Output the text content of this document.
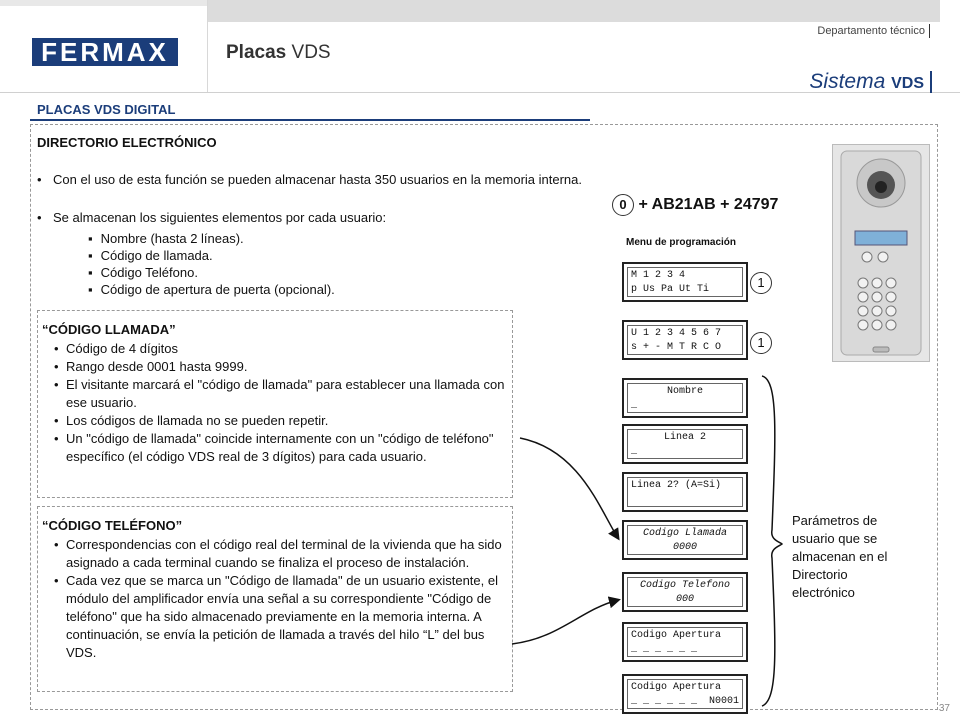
FERMAX	Placas VDS
Departamento técnico
Sistema VDS
PLACAS VDS DIGITAL
DIRECTORIO ELECTRÓNICO
• Con el uso de esta función se pueden almacenar hasta 350 usuarios en la memoria interna.
• Se almacenan los siguientes elementos por cada usuario:
▪ Nombre (hasta 2 líneas).
▪ Código de llamada.
▪ Código Teléfono.
▪ Código de apertura de puerta (opcional).
“CÓDIGO LLAMADA”
• Código de 4 dígitos
• Rango desde 0001 hasta 9999.
• El visitante marcará el "código de llamada" para establecer una llamada con ese usuario.
• Los códigos de llamada no se pueden repetir.
• Un "código de llamada" coincide internamente con un "código de teléfono" específico (el código VDS real de 3 dígitos) para cada usuario.
“CÓDIGO TELÉFONO”
• Correspondencias con el código real del terminal de la vivienda que ha sido asignado a cada terminal cuando se finaliza el proceso de instalación.
• Cada vez que se marca un "Código de llamada" de un usuario existente, el módulo del amplificador envía una señal a su correspondiente "Código de teléfono" que ha sido almacenado previamente en la memoria interna. A continuación, se envía la petición de llamada a través del hilo “L” del bus VDS.
0 + AB21AB + 24797
Menu de programación
M 1 2 3 4
p Us Pa Ut Ti	1
U 1 2 3 4 5 6 7
s + - M T R C O	1
Nombre
_
Linea 2
_
Linea 2? (A=Si)
Codigo Llamada
0000
Codigo Telefono
000
Codigo Apertura
_ _ _ _ _ _
Codigo Apertura
_ _ _ _ _ _ N0001
Parámetros de usuario que se almacenan en el Directorio electrónico
37
